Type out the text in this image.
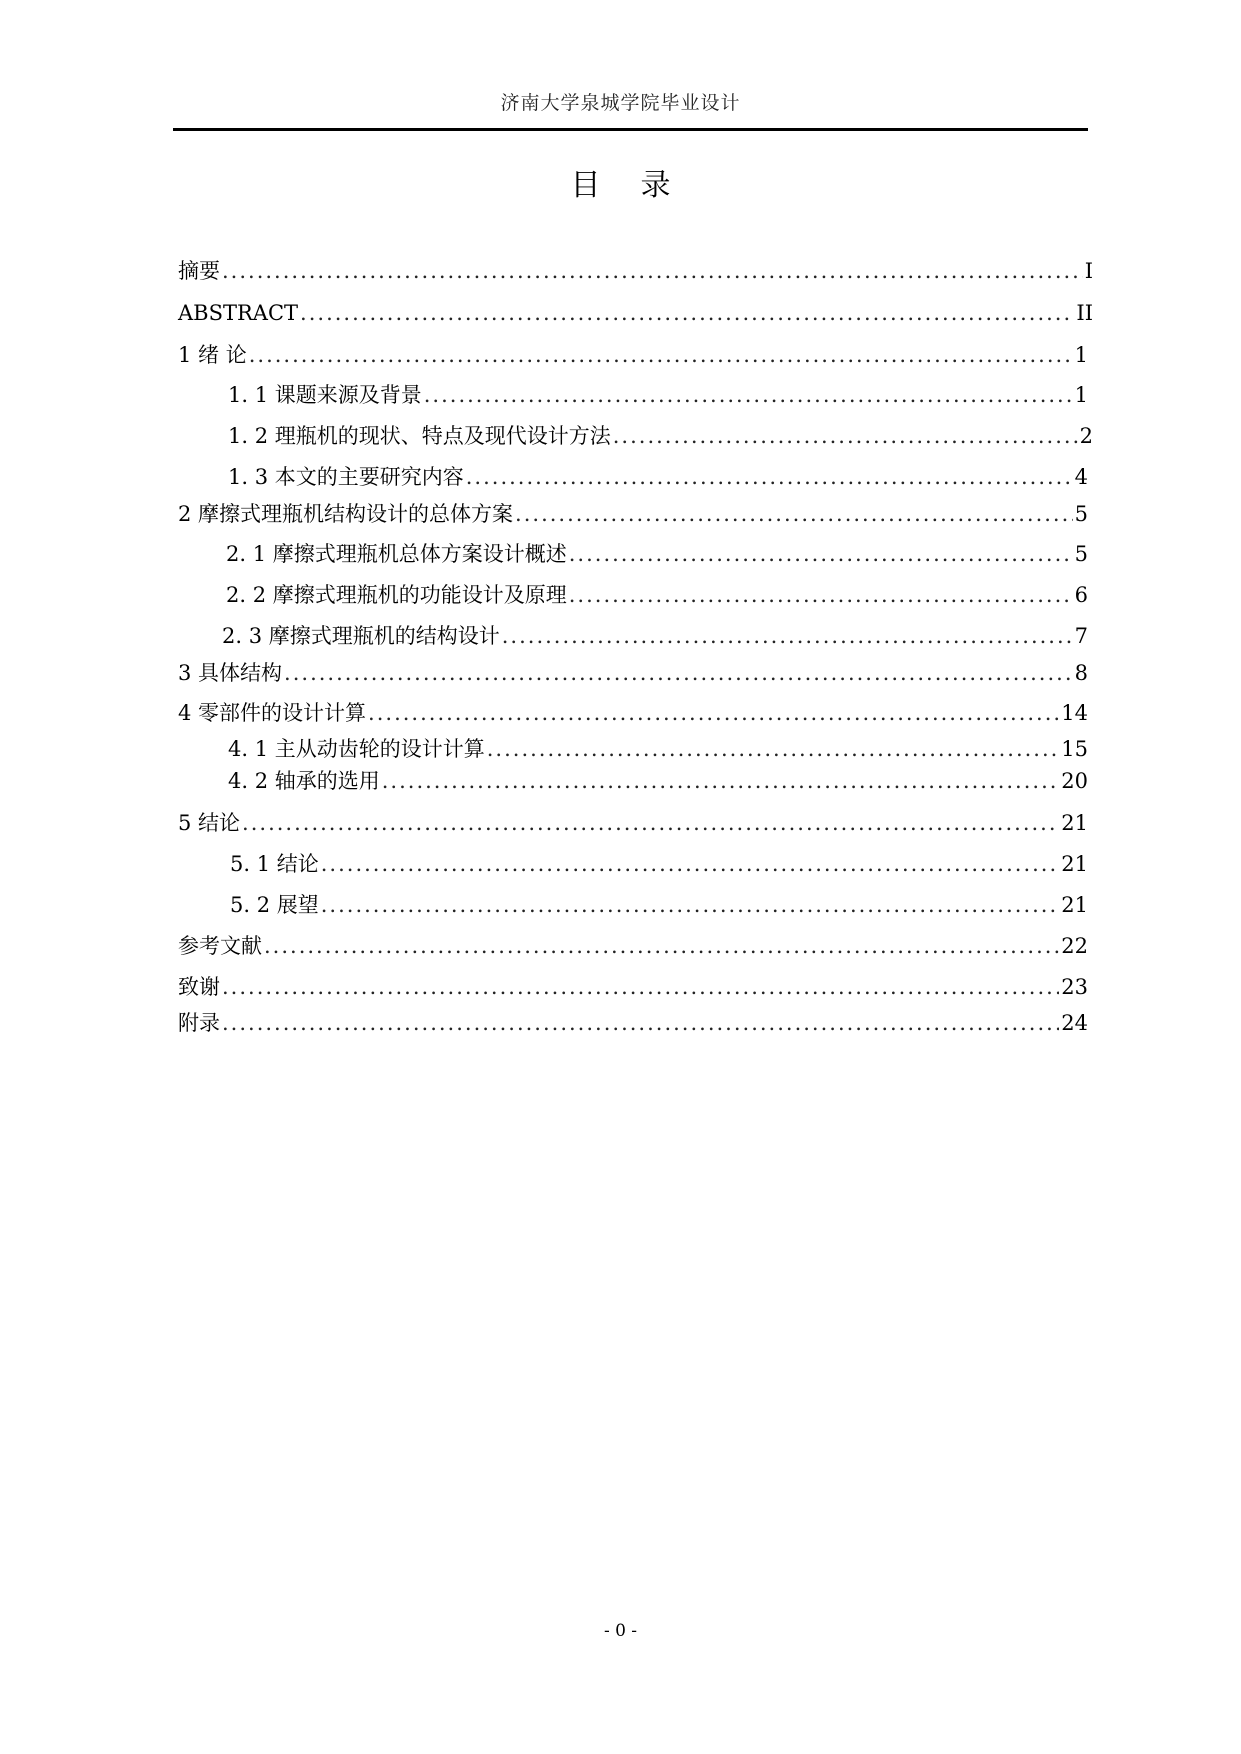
济南大学泉城学院毕业设计
目录
摘要 .....	I
ABSTRACT .....	II
1 绪 论 .....	1
1. 1 课题来源及背景 .....	1
1. 2 理瓶机的现状、特点及现代设计方法 .....	2
1. 3 本文的主要研究内容 .....	4
2 摩擦式理瓶机结构设计的总体方案 .....	5
2. 1 摩擦式理瓶机总体方案设计概述 .....	5
2. 2 摩擦式理瓶机的功能设计及原理 .....	6
2. 3 摩擦式理瓶机的结构设计 .....	7
3 具体结构 .....	8
4 零部件的设计计算 .....	14
4. 1 主从动齿轮的设计计算 .....	15
4. 2 轴承的选用 .....	20
5 结论 .....	21
5. 1 结论 .....	21
5. 2 展望 .....	21
参考文献 .....	22
致谢 .....	23
附录 .....	24
- 0 -
